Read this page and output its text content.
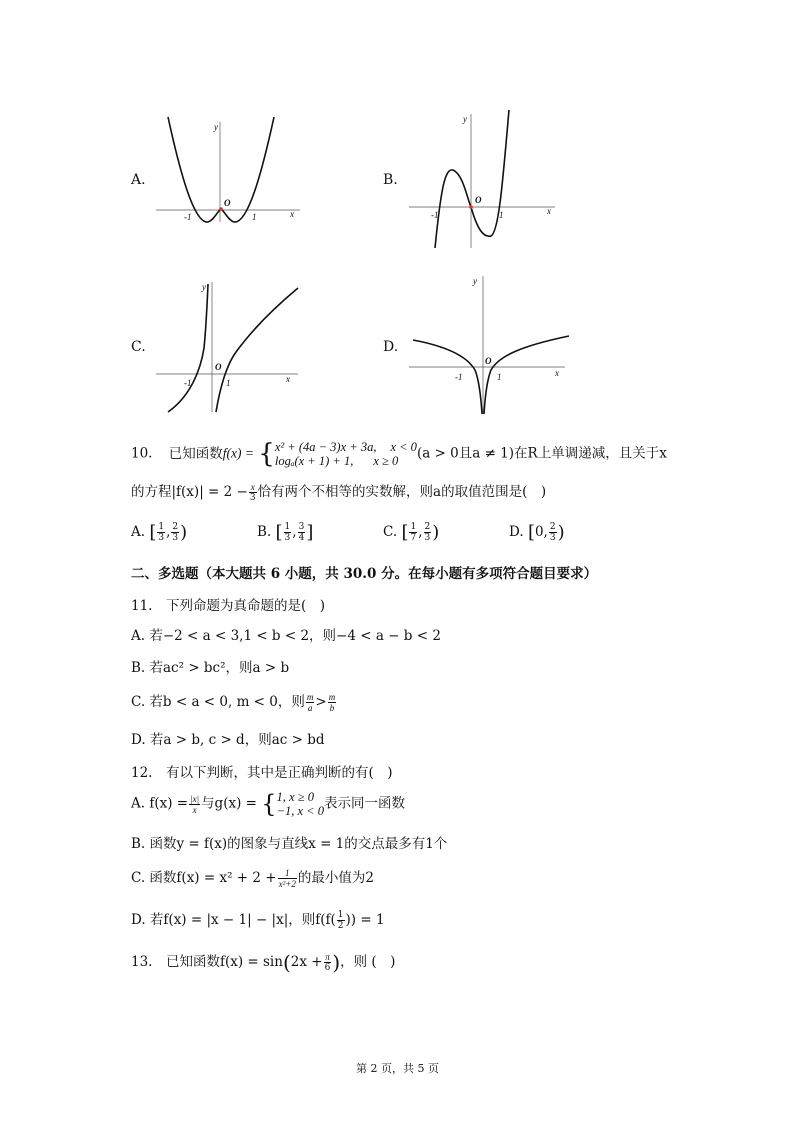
A.	B.
C.	D.
y
x
O
-1	1
y
x
O
-1	1
y
x
O
-1	1
y
x
O
-1	1
10. 已知函数f(x) = { x² + (4a − 3)x + 3a, x < 0
logₐ(x + 1) + 1, x ≥ 0	(a > 0且a ≠ 1)在R上单调递减，且关于x
的方程$|f(x)| = 2 - \frac{x}{3}$ 恰有两个不相等的实数解，则a的取值范围是(　)
A. [ $\frac{1}{3}$ , $\frac{2}{3}$ )	B. [ $\frac{1}{3}$ , $\frac{3}{4}$ ]	C. [ $\frac{1}{7}$ , $\frac{2}{3}$ )	D. [0, $\frac{2}{3}$ )
二、多选题（本大题共 6 小题，共 30.0 分。在每小题有多项符合题目要求）
11.　下列命题为真命题的是(　)
A. 若−2 < a < 3,1 < b < 2，则−4 < a − b < 2
B. 若ac² > bc²，则a > b
C. 若b < a < 0, m < 0，则 $\frac{m}{a} > \frac{m}{b}$
D. 若a > b, c > d，则ac > bd
12.　有以下判断，其中是正确判断的有(　)
A. $f(x) = \frac{|x|}{x}$ 与g(x) = { 1, x ≥ 0
−1, x < 0 表示同一函数
B. 函数y = f(x)的图象与直线x = 1的交点最多有1个
C. 函数$f(x) = x^2 + 2 + \frac{1}{\text{x²+2}}$ 的最小值为2
D. 若f(x) = |x − 1| − |x|，则$f(f( \frac{1}{2}$ )) = 1
13.　已知函数$f(x) = \sin(2x + \frac{\pi}{6}$ )，则 (　)
第 2 页，共 5 页
